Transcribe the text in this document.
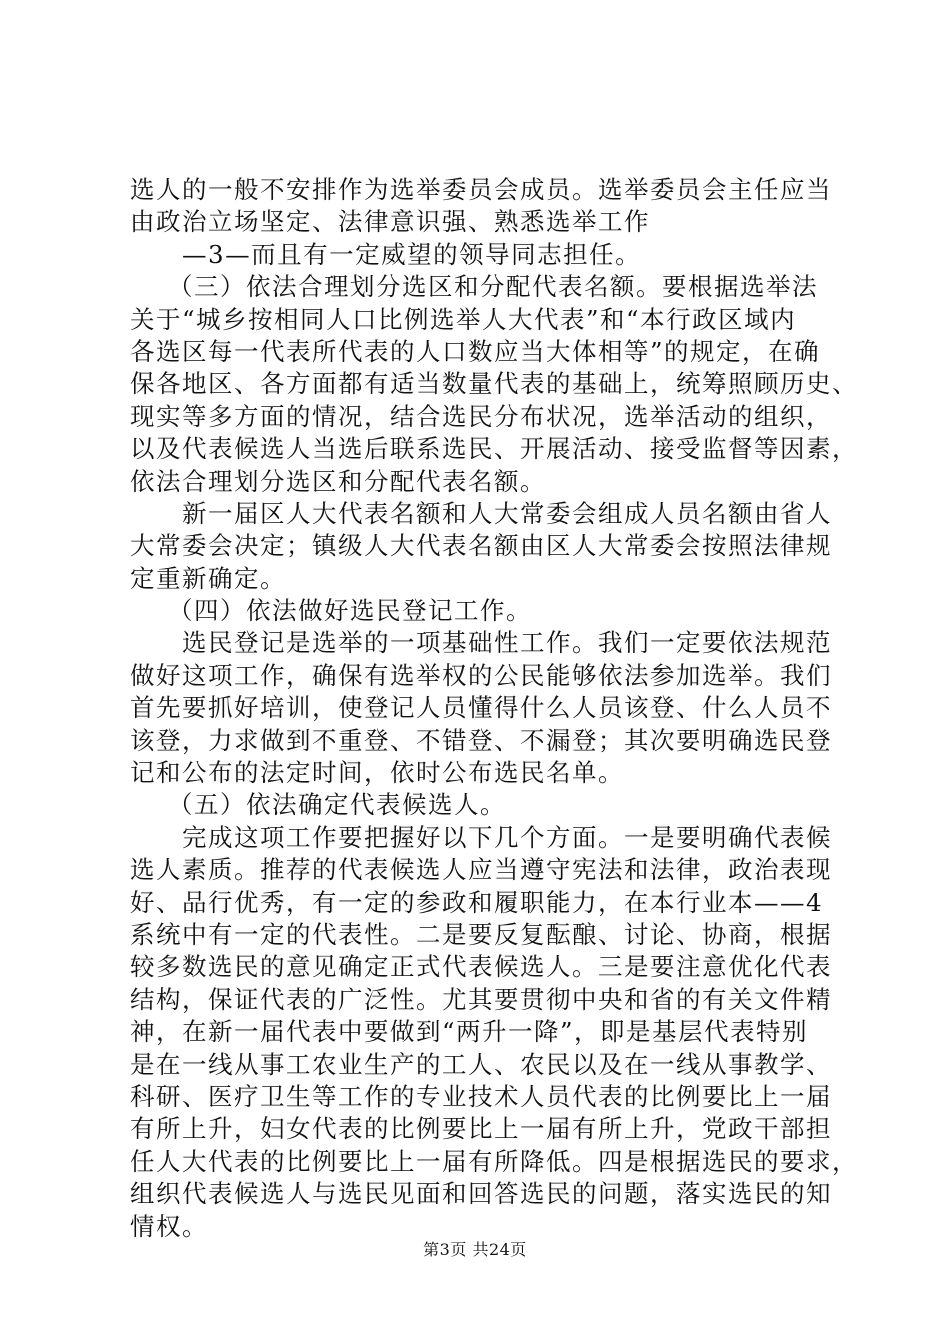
选人的一般不安排作为选举委员会成员。选举委员会主任应当
由政治立场坚定、法律意识强、熟悉选举工作
—3—而且有一定威望的领导同志担任。
（三）依法合理划分选区和分配代表名额。要根据选举法
关于“城乡按相同人口比例选举人大代表”和“本行政区域内
各选区每一代表所代表的人口数应当大体相等”的规定，在确
保各地区、各方面都有适当数量代表的基础上，统筹照顾历史、
现实等多方面的情况，结合选民分布状况，选举活动的组织，
以及代表候选人当选后联系选民、开展活动、接受监督等因素，
依法合理划分选区和分配代表名额。
新一届区人大代表名额和人大常委会组成人员名额由省人
大常委会决定；镇级人大代表名额由区人大常委会按照法律规
定重新确定。
（四）依法做好选民登记工作。
选民登记是选举的一项基础性工作。我们一定要依法规范
做好这项工作，确保有选举权的公民能够依法参加选举。我们
首先要抓好培训，使登记人员懂得什么人员该登、什么人员不
该登，力求做到不重登、不错登、不漏登；其次要明确选民登
记和公布的法定时间，依时公布选民名单。
（五）依法确定代表候选人。
完成这项工作要把握好以下几个方面。一是要明确代表候
选人素质。推荐的代表候选人应当遵守宪法和法律，政治表现
好、品行优秀，有一定的参政和履职能力，在本行业本——4
系统中有一定的代表性。二是要反复酝酿、讨论、协商，根据
较多数选民的意见确定正式代表候选人。三是要注意优化代表
结构，保证代表的广泛性。尤其要贯彻中央和省的有关文件精
神，在新一届代表中要做到“两升一降”，即是基层代表特别
是在一线从事工农业生产的工人、农民以及在一线从事教学、
科研、医疗卫生等工作的专业技术人员代表的比例要比上一届
有所上升，妇女代表的比例要比上一届有所上升，党政干部担
任人大代表的比例要比上一届有所降低。四是根据选民的要求，
组织代表候选人与选民见面和回答选民的问题，落实选民的知
情权。
第3页 共24页
